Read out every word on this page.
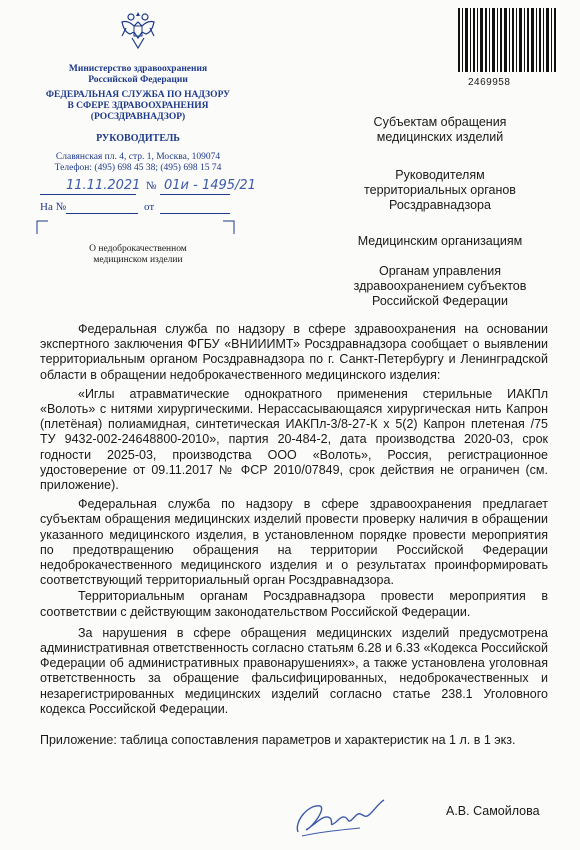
Министерство здравоохранения
Российской Федерации
ФЕДЕРАЛЬНАЯ СЛУЖБА ПО НАДЗОРУ
В СФЕРЕ ЗДРАВООХРАНЕНИЯ
(РОСЗДРАВНАДЗОР)
РУКОВОДИТЕЛЬ
Славянская пл. 4, стр. 1, Москва, 109074
Телефон: (495) 698 45 38; (495) 698 15 74
11.11.2021 № 01и - 1495/21
На №	от
О недоброкачественном
медицинском изделии
2469958
Субъектам обращения
медицинских изделий
Руководителям
территориальных органов
Росздравнадзора
Медицинским организациям
Органам управления
здравоохранением субъектов
Российской Федерации

Федеральная служба по надзору в сфере здравоохранения на основании экспертного заключения ФГБУ «ВНИИИМТ» Росздравнадзора сообщает о выявлении территориальным органом Росздравнадзора по г. Санкт-Петербургу и Ленинградской области в обращении недоброкачественного медицинского изделия:

«Иглы атравматические однократного применения стерильные ИАКПл «Волоть» с нитями хирургическими. Нерассасывающаяся хирургическая нить Капрон (плетёная) полиамидная, синтетическая ИАКПл-3/8-27-К х 5(2) Капрон плетеная /75 ТУ 9432-002-24648800-2010», партия 20-484-2, дата производства 2020-03, срок годности 2025-03, производства ООО «Волоть», Россия, регистрационное удостоверение от 09.11.2017 № ФСР 2010/07849, срок действия не ограничен (см. приложение).

Федеральная служба по надзору в сфере здравоохранения предлагает субъектам обращения медицинских изделий провести проверку наличия в обращении указанного медицинского изделия, в установленном порядке провести мероприятия по предотвращению обращения на территории Российской Федерации недоброкачественного медицинского изделия и о результатах проинформировать соответствующий территориальный орган Росздравнадзора.

Территориальным органам Росздравнадзора провести мероприятия в соответствии с действующим законодательством Российской Федерации.

За нарушения в сфере обращения медицинских изделий предусмотрена административная ответственность согласно статьям 6.28 и 6.33 «Кодекса Российской Федерации об административных правонарушениях», а также установлена уголовная ответственность за обращение фальсифицированных, недоброкачественных и незарегистрированных медицинских изделий согласно статье 238.1 Уголовного кодекса Российской Федерации.

Приложение: таблица сопоставления параметров и характеристик на 1 л. в 1 экз.

А.В. Самойлова
